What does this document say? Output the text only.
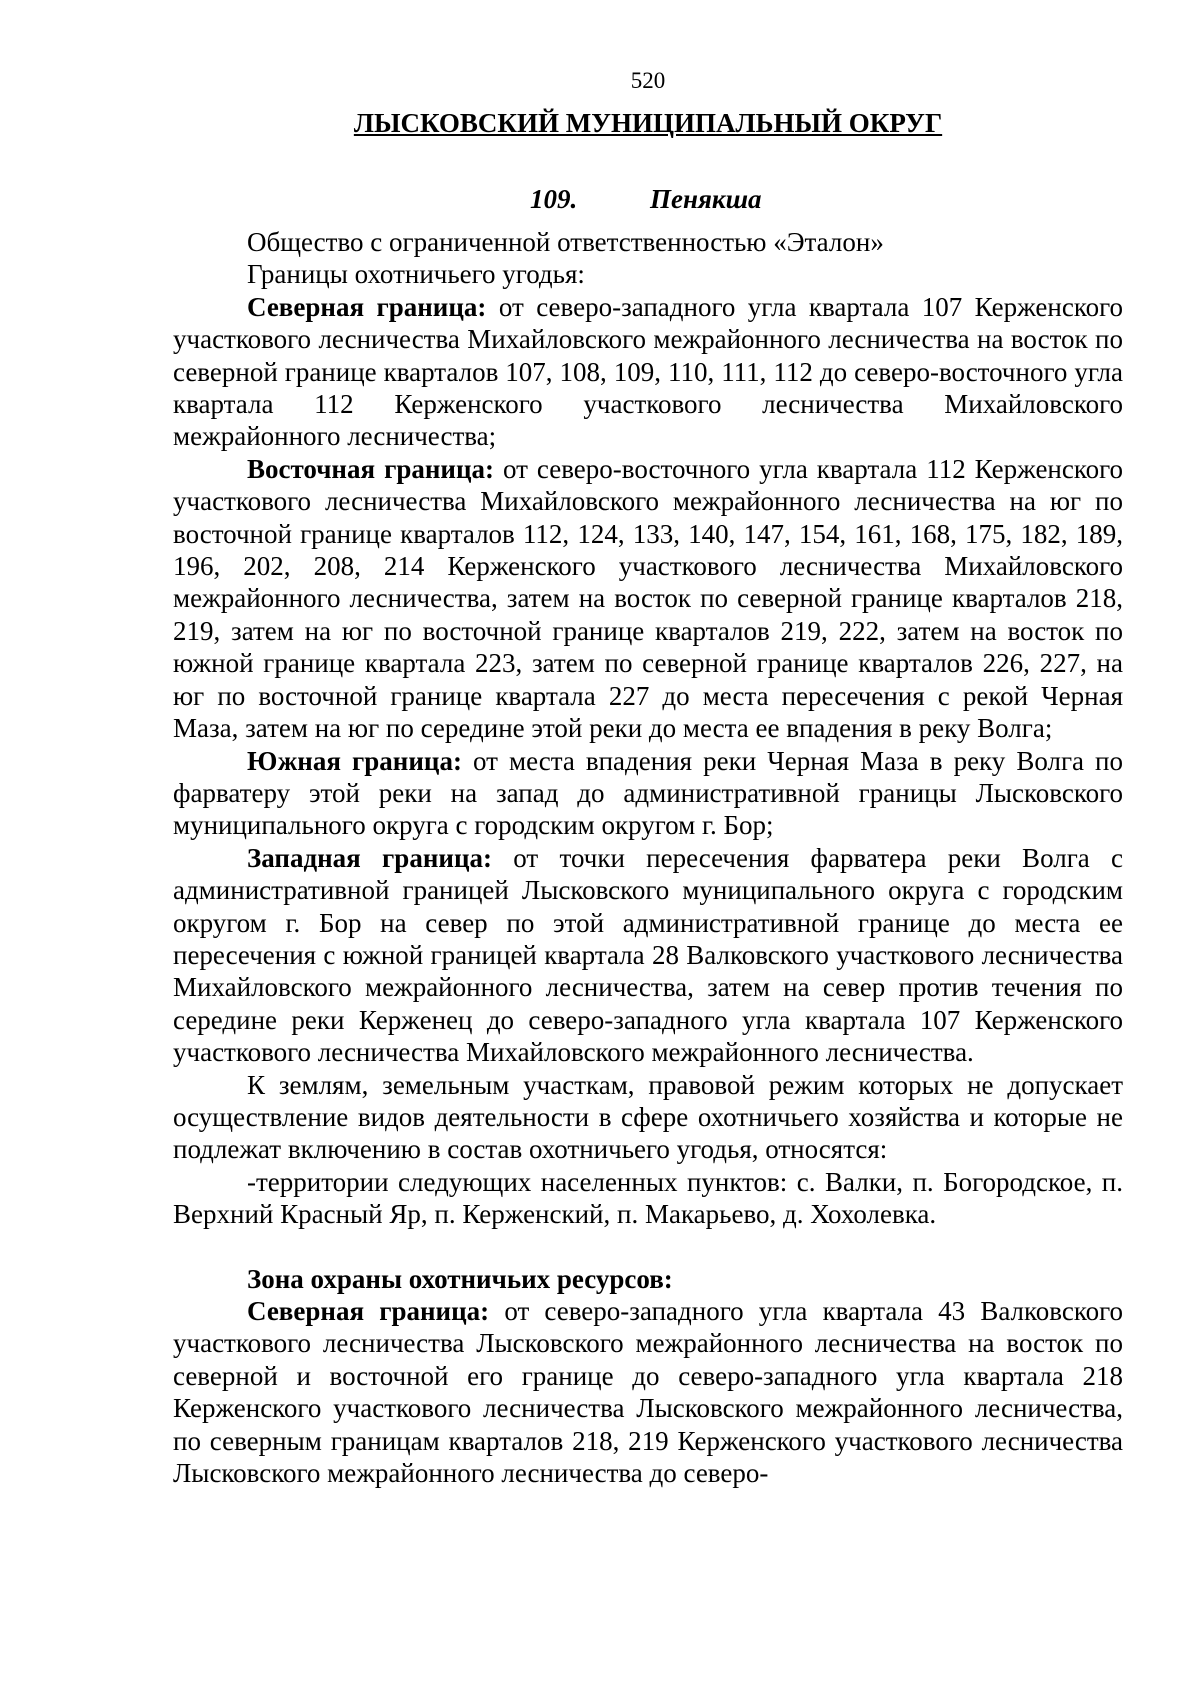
520
ЛЫСКОВСКИЙ МУНИЦИПАЛЬНЫЙ ОКРУГ
109.	Пенякша

Общество с ограниченной ответственностью «Эталон»

Границы охотничьего угодья:

Северная граница: от северо-западного угла квартала 107 Керженского участкового лесничества Михайловского межрайонного лесничества на восток по северной границе кварталов 107, 108, 109, 110, 111, 112 до северо-восточного угла квартала 112 Керженского участкового лесничества Михайловского межрайонного лесничества;

Восточная граница: от северо-восточного угла квартала 112 Керженского участкового лесничества Михайловского межрайонного лесничества на юг по восточной границе кварталов 112, 124, 133, 140, 147, 154, 161, 168, 175, 182, 189, 196, 202, 208, 214 Керженского участкового лесничества Михайловского межрайонного лесничества, затем на восток по северной границе кварталов 218, 219, затем на юг по восточной границе кварталов 219, 222, затем на восток по южной границе квартала 223, затем по северной границе кварталов 226, 227, на юг по восточной границе квартала 227 до места пересечения с рекой Черная Маза, затем на юг по середине этой реки до места ее впадения в реку Волга;

Южная граница: от места впадения реки Черная Маза в реку Волга по фарватеру этой реки на запад до административной границы Лысковского муниципального округа с городским округом г. Бор;

Западная граница: от точки пересечения фарватера реки Волга с административной границей Лысковского муниципального округа с городским округом г. Бор на север по этой административной границе до места ее пересечения с южной границей квартала 28 Валковского участкового лесничества Михайловского межрайонного лесничества, затем на север против течения по середине реки Керженец до северо-западного угла квартала 107 Керженского участкового лесничества Михайловского межрайонного лесничества.

К землям, земельным участкам, правовой режим которых не допускает осуществление видов деятельности в сфере охотничьего хозяйства и которые не подлежат включению в состав охотничьего угодья, относятся:

-территории следующих населенных пунктов: с. Валки, п. Богородское, п. Верхний Красный Яр, п. Керженский, п. Макарьево, д. Хохолевка.

Зона охраны охотничьих ресурсов:

Северная граница: от северо-западного угла квартала 43 Валковского участкового лесничества Лысковского межрайонного лесничества на восток по северной и восточной его границе до северо-западного угла квартала 218 Керженского участкового лесничества Лысковского межрайонного лесничества, по северным границам кварталов 218, 219 Керженского участкового лесничества Лысковского межрайонного лесничества до северо-
